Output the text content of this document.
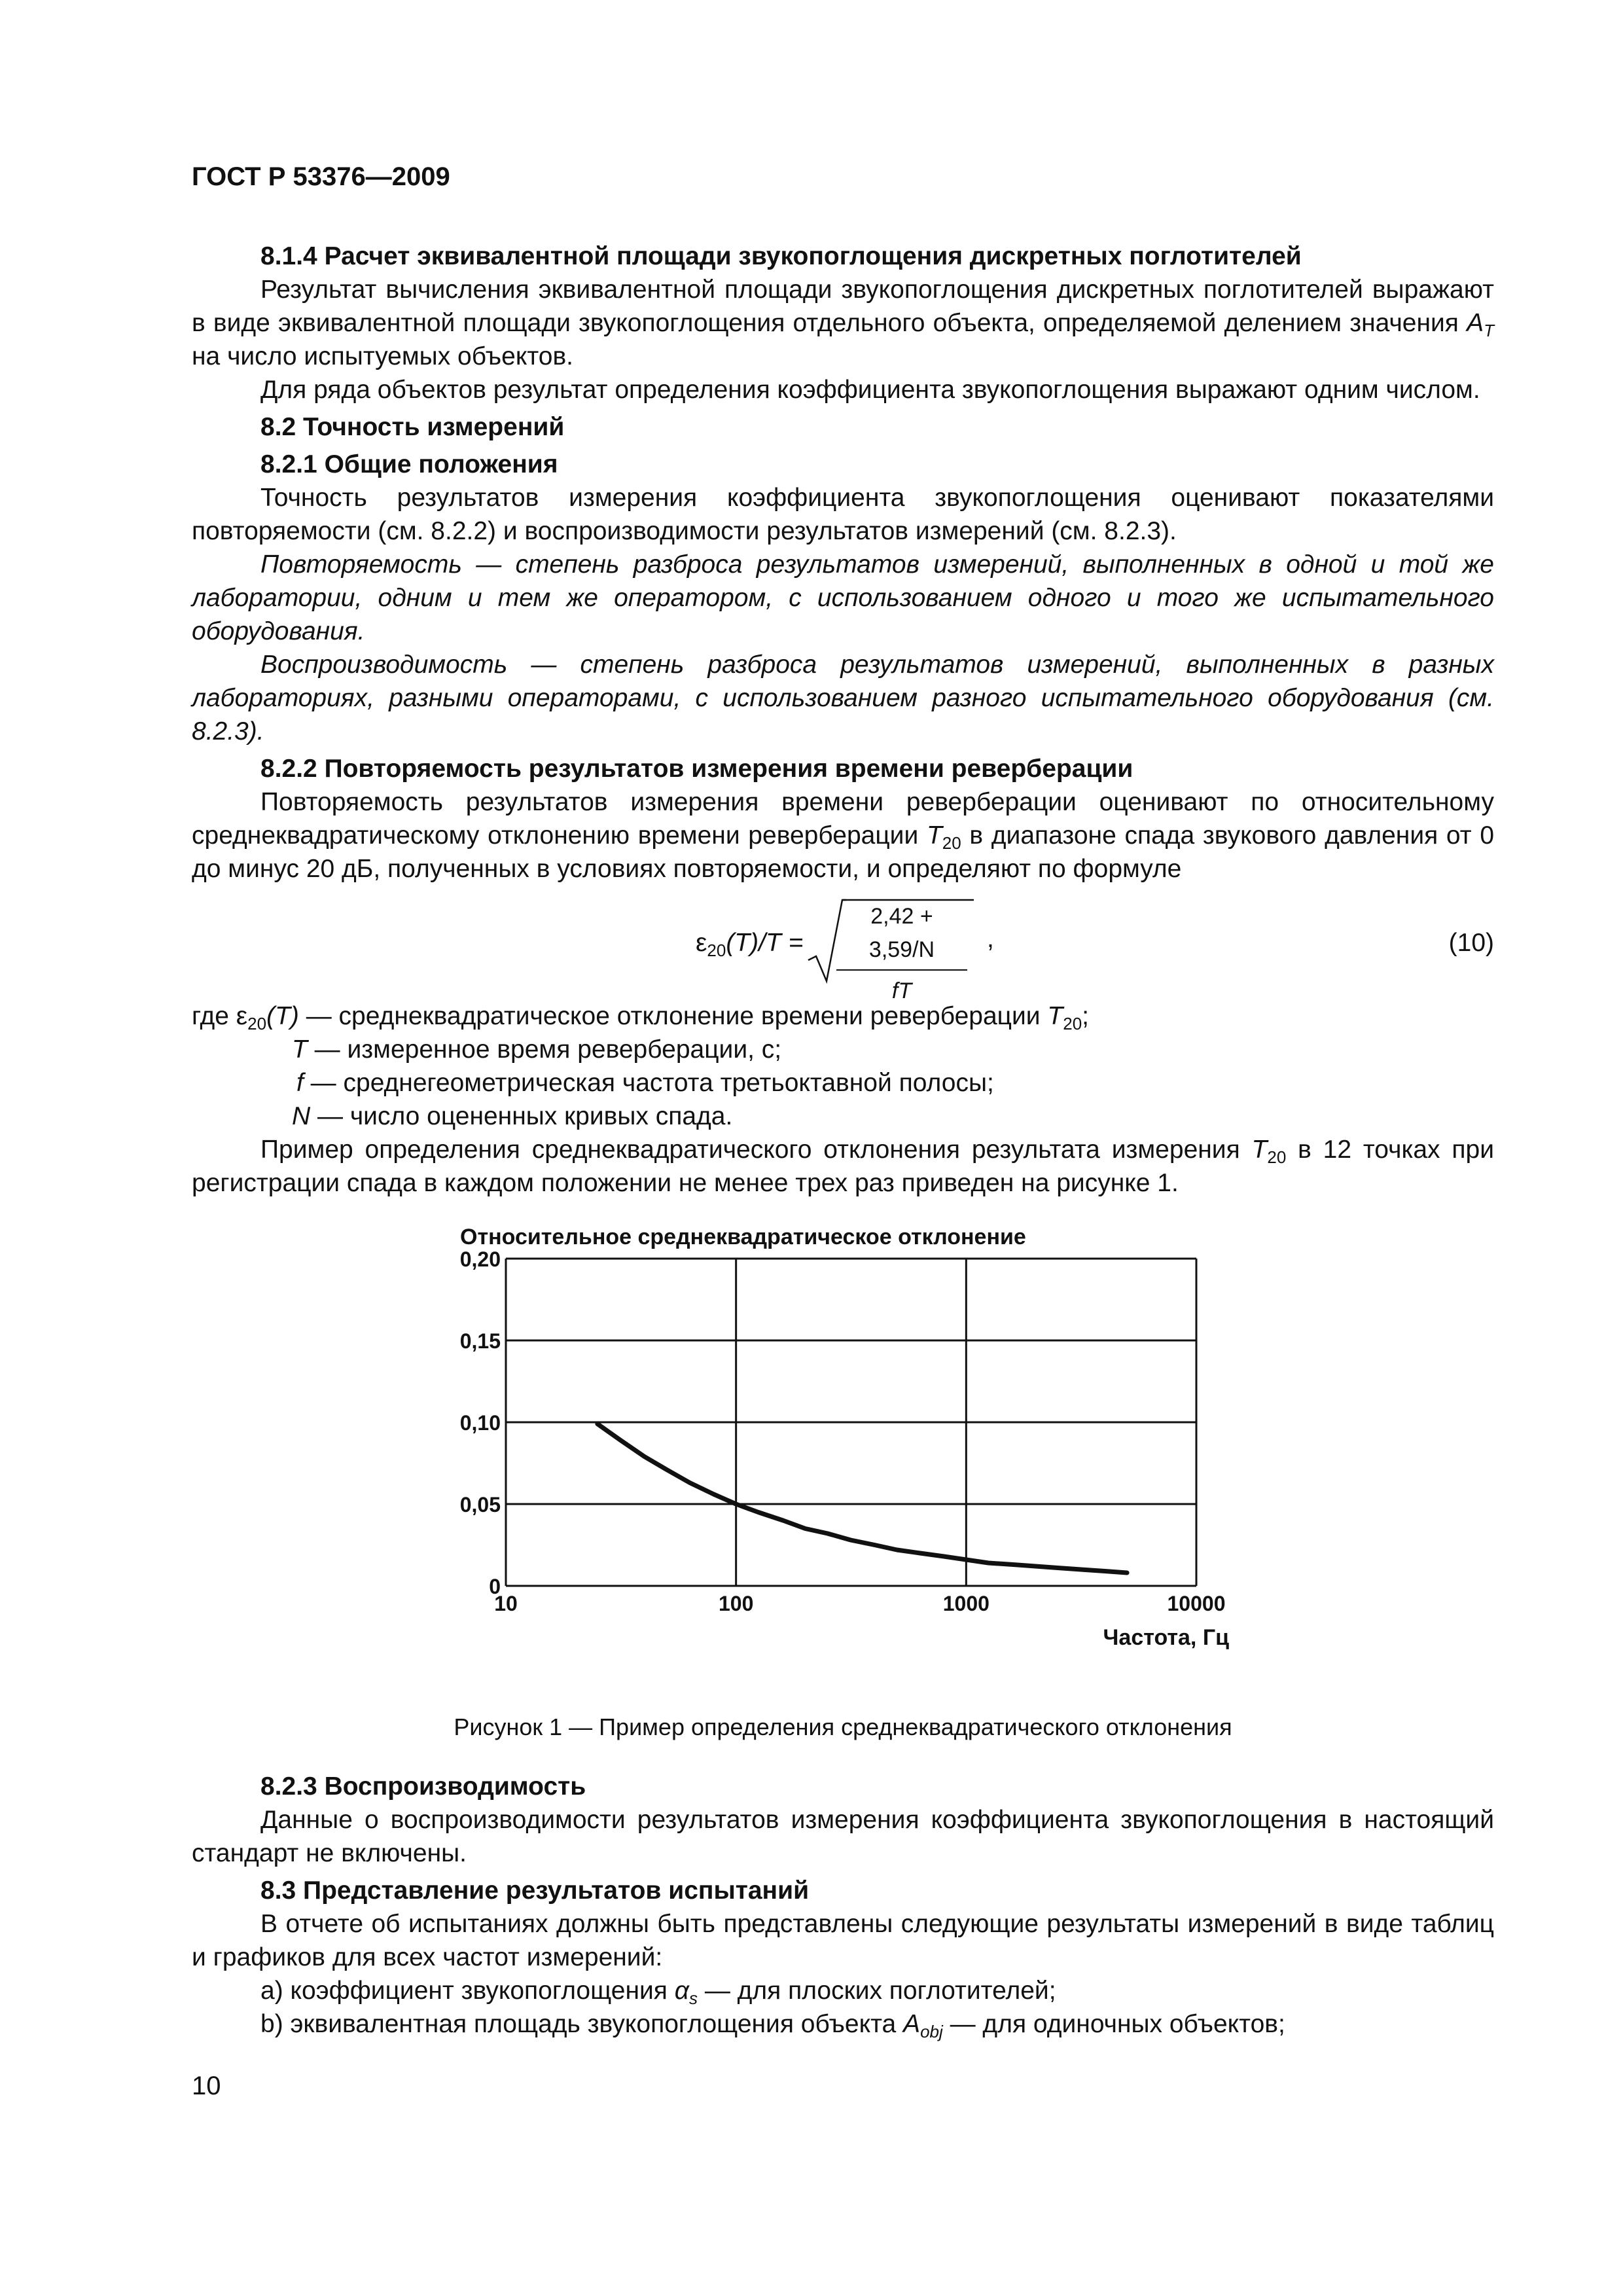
ГОСТ Р 53376—2009

8.1.4 Расчет эквивалентной площади звукопоглощения дискретных поглотителей

Результат вычисления эквивалентной площади звукопоглощения дискретных поглотителей выражают в виде эквивалентной площади звукопоглощения отдельного объекта, определяемой делением значения $A_T$ на число испытуемых объектов.

Для ряда объектов результат определения коэффициента звукопоглощения выражают одним числом.

8.2 Точность измерений

8.2.1 Общие положения

Точность результатов измерения коэффициента звукопоглощения оценивают показателями повторяемости (см. 8.2.2) и воспроизводимости результатов измерений (см. 8.2.3).

Повторяемость — степень разброса результатов измерений, выполненных в одной и той же лаборатории, одним и тем же оператором, с использованием одного и того же испытательного оборудования.

Воспроизводимость — степень разброса результатов измерений, выполненных в разных лабораториях, разными операторами, с использованием разного испытательного оборудования (см. 8.2.3).

8.2.2 Повторяемость результатов измерения времени реверберации

Повторяемость результатов измерения времени реверберации оценивают по относительному среднеквадратическому отклонению времени реверберации $T_{20}$ в диапазоне спада звукового давления от 0 до минус 20 дБ, полученных в условиях повторяемости, и определяют по формуле

$\varepsilon_{20}(T)/T = \frac{2,42 + 3,59/N}{fT}$ ,	(10)

где $\varepsilon_{20}(T)$ — среднеквадратическое отклонение времени реверберации $T_{20}$;

T — измеренное время реверберации, с;

f — среднегеометрическая частота третьоктавной полосы;

N — число оцененных кривых спада.

Пример определения среднеквадратического отклонения результата измерения $T_{20}$ в 12 точках при регистрации спада в каждом положении не менее трех раз приведен на рисунке 1.

Относительное среднеквадратическое отклонение
10	100	1000	10000
0
0,05
0,10
0,15
0,20
Частота, Гц

Рисунок 1 — Пример определения среднеквадратического отклонения

8.2.3 Воспроизводимость

Данные о воспроизводимости результатов измерения коэффициента звукопоглощения в настоящий стандарт не включены.

8.3 Представление результатов испытаний

В отчете об испытаниях должны быть представлены следующие результаты измерений в виде таблиц и графиков для всех частот измерений:

a) коэффициент звукопоглощения $\alpha_s$ — для плоских поглотителей;

b) эквивалентная площадь звукопоглощения объекта $A_{obj}$ — для одиночных объектов;

10
